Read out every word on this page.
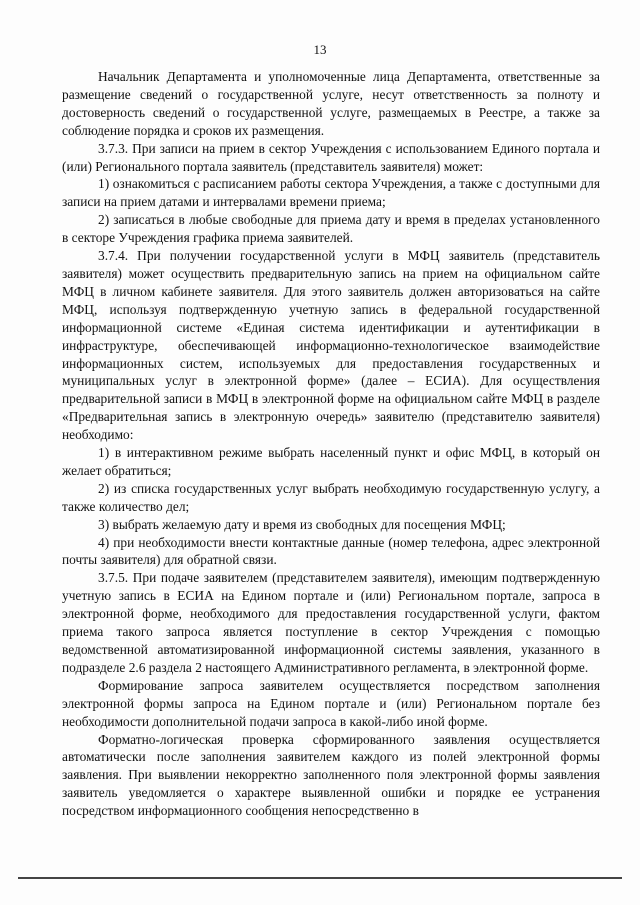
13

Начальник Департамента и уполномоченные лица Департамента, ответственные за размещение сведений о государственной услуге, несут ответственность за полноту и достоверность сведений о государственной услуге, размещаемых в Реестре, а также за соблюдение порядка и сроков их размещения.

3.7.3. При записи на прием в сектор Учреждения с использованием Единого портала и (или) Регионального портала заявитель (представитель заявителя) может:

1) ознакомиться с расписанием работы сектора Учреждения, а также с доступными для записи на прием датами и интервалами времени приема;

2) записаться в любые свободные для приема дату и время в пределах установленного в секторе Учреждения графика приема заявителей.

3.7.4. При получении государственной услуги в МФЦ заявитель (представитель заявителя) может осуществить предварительную запись на прием на официальном сайте МФЦ в личном кабинете заявителя. Для этого заявитель должен авторизоваться на сайте МФЦ, используя подтвержденную учетную запись в федеральной государственной информационной системе «Единая система идентификации и аутентификации в инфраструктуре, обеспечивающей информационно-технологическое взаимодействие информационных систем, используемых для предоставления государственных и муниципальных услуг в электронной форме» (далее – ЕСИА). Для осуществления предварительной записи в МФЦ в электронной форме на официальном сайте МФЦ в разделе «Предварительная запись в электронную очередь» заявителю (представителю заявителя) необходимо:

1) в интерактивном режиме выбрать населенный пункт и офис МФЦ, в который он желает обратиться;

2) из списка государственных услуг выбрать необходимую государственную услугу, а также количество дел;

3) выбрать желаемую дату и время из свободных для посещения МФЦ;

4) при необходимости внести контактные данные (номер телефона, адрес электронной почты заявителя) для обратной связи.

3.7.5. При подаче заявителем (представителем заявителя), имеющим подтвержденную учетную запись в ЕСИА на Едином портале и (или) Региональном портале, запроса в электронной форме, необходимого для предоставления государственной услуги, фактом приема такого запроса является поступление в сектор Учреждения с помощью ведомственной автоматизированной информационной системы заявления, указанного в подразделе 2.6 раздела 2 настоящего Административного регламента, в электронной форме.

Формирование запроса заявителем осуществляется посредством заполнения электронной формы запроса на Едином портале и (или) Региональном портале без необходимости дополнительной подачи запроса в какой-либо иной форме.

Форматно-логическая проверка сформированного заявления осуществляется автоматически после заполнения заявителем каждого из полей электронной формы заявления. При выявлении некорректно заполненного поля электронной формы заявления заявитель уведомляется о характере выявленной ошибки и порядке ее устранения посредством информационного сообщения непосредственно в
